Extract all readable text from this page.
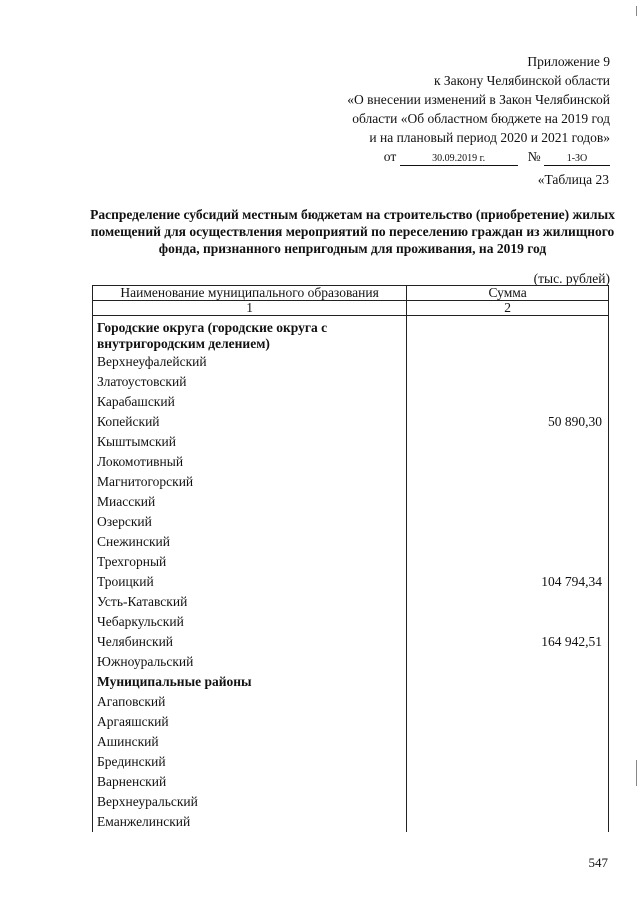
Приложение 9
к Закону Челябинской области
«О внесении изменений в Закон Челябинской
области «Об областном бюджете на 2019 год
и на плановый период 2020 и 2021 годов»
от	30.09.2019 г.	№	1-ЗО
«Таблица 23
Распределение субсидий местным бюджетам на строительство (приобретение) жилых помещений для осуществления мероприятий по переселению граждан из жилищного фонда, признанного непригодным для проживания, на 2019 год
(тыс. рублей)
Наименование муниципального образования	Сумма
1	2
Городские округа (городские округа с внутригородским делением)	
Верхнеуфалейский	
Златоустовский	
Карабашский	
Копейский	50 890,30
Кыштымский	
Локомотивный	
Магнитогорский	
Миасский	
Озерский	
Снежинский	
Трехгорный	
Троицкий	104 794,34
Усть-Катавский	
Чебаркульский	
Челябинский	164 942,51
Южноуральский	
Муниципальные районы	
Агаповский	
Аргаяшский	
Ашинский	
Брединский	
Варненский	
Верхнеуральский	
Еманжелинский	
547
